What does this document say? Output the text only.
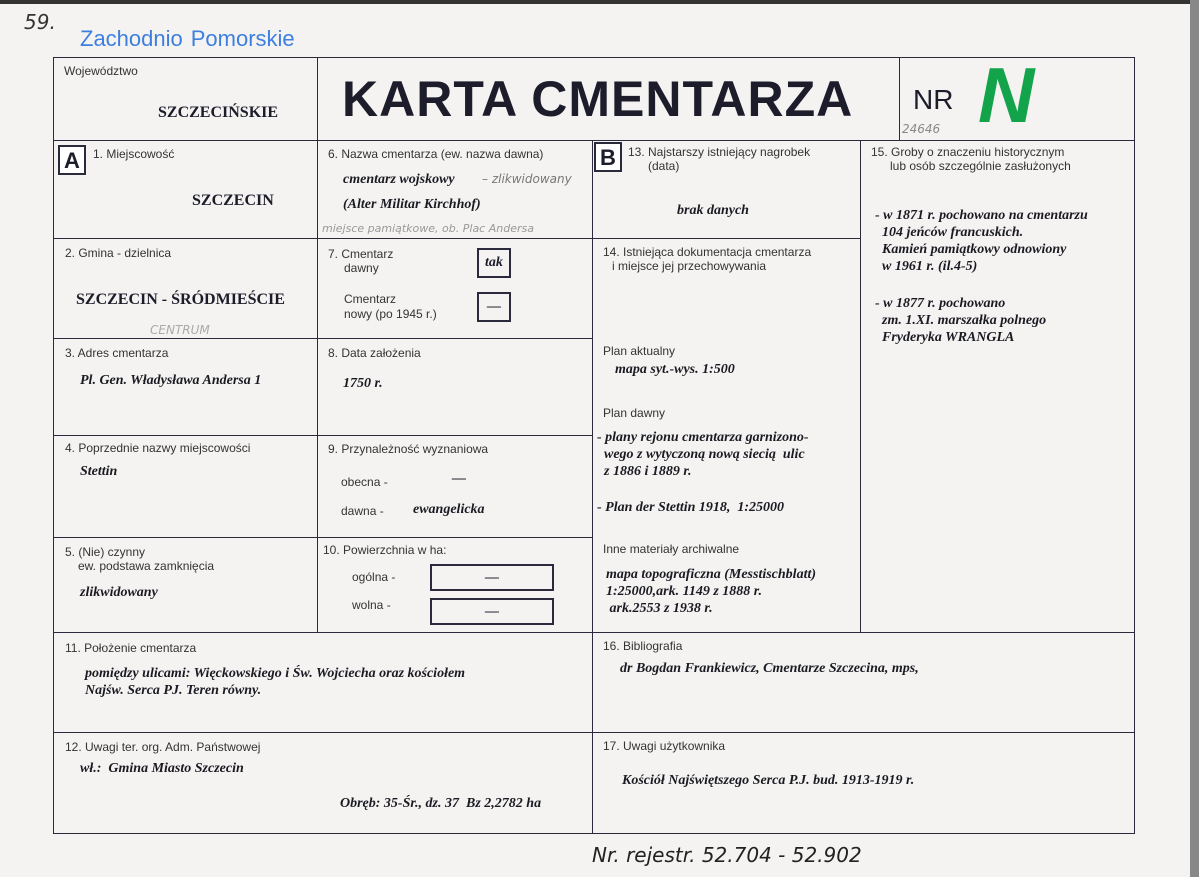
59.
Województwo
SZCZECIŃSKIE
Zachodnio Pomorskie
KARTA CMENTARZA NR N
24646
A	B
1. Miejscowość
SZCZECIN
2. Gmina - dzielnica
SZCZECIN - ŚRÓDMIEŚCIE
CENTRUM
3. Adres cmentarza
Pl. Gen. Władysława Andersa 1
4. Poprzednie nazwy miejscowości
Stettin
5. (Nie) czynny
ew. podstawa zamknięcia
zlikwidowany
6. Nazwa cmentarza (ew. nazwa dawna)
cmentarz wojskowy – zlikwidowany
(Alter Militar Kirchhof)
miejsce pamiątkowe, ob. Plac Andersa
7. Cmentarz
dawny	tak
Cmentarz
nowy (po 1945 r.)	—
8. Data założenia
1750 r.
9. Przynależność wyznaniowa
obecna -	—
dawna - ewangelicka
10. Powierzchnia w ha:
ogólna -	—
wolna -	—
11. Położenie cmentarza
pomiędzy ulicami: Więckowskiego i Św. Wojciecha oraz kościołem
Najśw. Serca PJ. Teren równy.
12. Uwagi ter. org. Adm. Państwowej
wł.:  Gmina Miasto Szczecin
Obręb: 35-Śr., dz. 37  Bz 2,2782 ha
13. Najstarszy istniejący nagrobek
(data)
brak danych
14. Istniejąca dokumentacja cmentarza
i miejsce jej przechowywania
Plan aktualny
mapa syt.-wys. 1:500
Plan dawny
- plany rejonu cmentarza garnizono-
wego z wytyczoną nową siecią  ulic
z 1886 i 1889 r.
- Plan der Stettin 1918,  1:25000
Inne materiały archiwalne
mapa topograficzna (Messtischblatt)
1:25000,ark. 1149 z 1888 r.
ark.2553 z 1938 r.
15. Groby o znaczeniu historycznym
lub osób szczególnie zasłużonych
- w 1871 r. pochowano na cmentarzu
104 jeńców francuskich.
Kamień pamiątkowy odnowiony
w 1961 r. (il.4-5)
- w 1877 r. pochowano
zm. 1.XI. marszałka polnego
Fryderyka WRANGLA
16. Bibliografia
dr Bogdan Frankiewicz, Cmentarze Szczecina, mps,
17. Uwagi użytkownika
Kościół Najświętszego Serca P.J. bud. 1913-1919 r.
Nr. rejestr. 52.704 - 52.902
